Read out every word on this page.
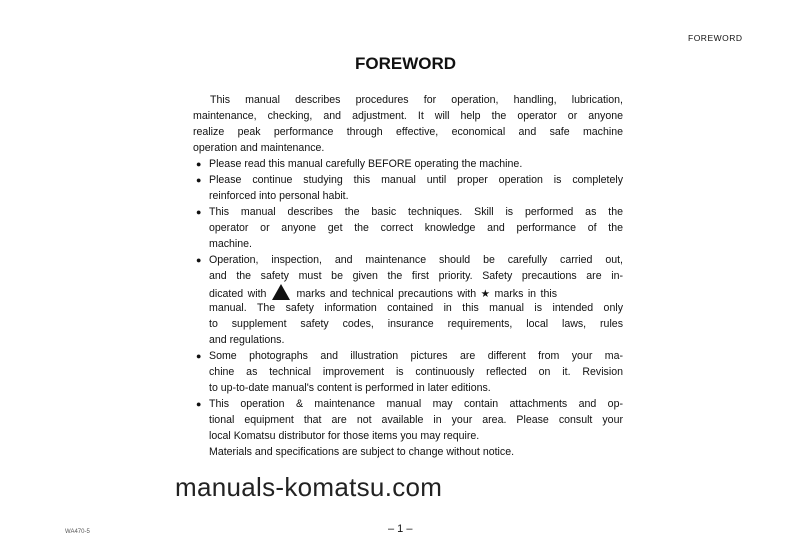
FOREWORD
FOREWORD
This manual describes procedures for operation, handling, lubrication,
maintenance, checking, and adjustment. It will help the operator or anyone
realize peak performance through effective, economical and safe machine
operation and maintenance.
● Please read this manual carefully BEFORE operating the machine.
● Please continue studying this manual until proper operation is completely
reinforced into personal habit.
● This manual describes the basic techniques. Skill is performed as the
operator or anyone get the correct knowledge and performance of the
machine.
● Operation, inspection, and maintenance should be carefully carried out,
and the safety must be given the first priority. Safety precautions are in-
dicated with	marks and technical precautions with ★ marks in this
manual. The safety information contained in this manual is intended only
to supplement safety codes, insurance requirements, local laws, rules
and regulations.
● Some photographs and illustration pictures are different from your ma-
chine as technical improvement is continuously reflected on it. Revision
to up-to-date manual's content is performed in later editions.
● This operation & maintenance manual may contain attachments and op-
tional equipment that are not available in your area. Please consult your
local Komatsu distributor for those items you may require.
Materials and specifications are subject to change without notice.
manuals-komatsu.com
WA470-5	– 1 –
